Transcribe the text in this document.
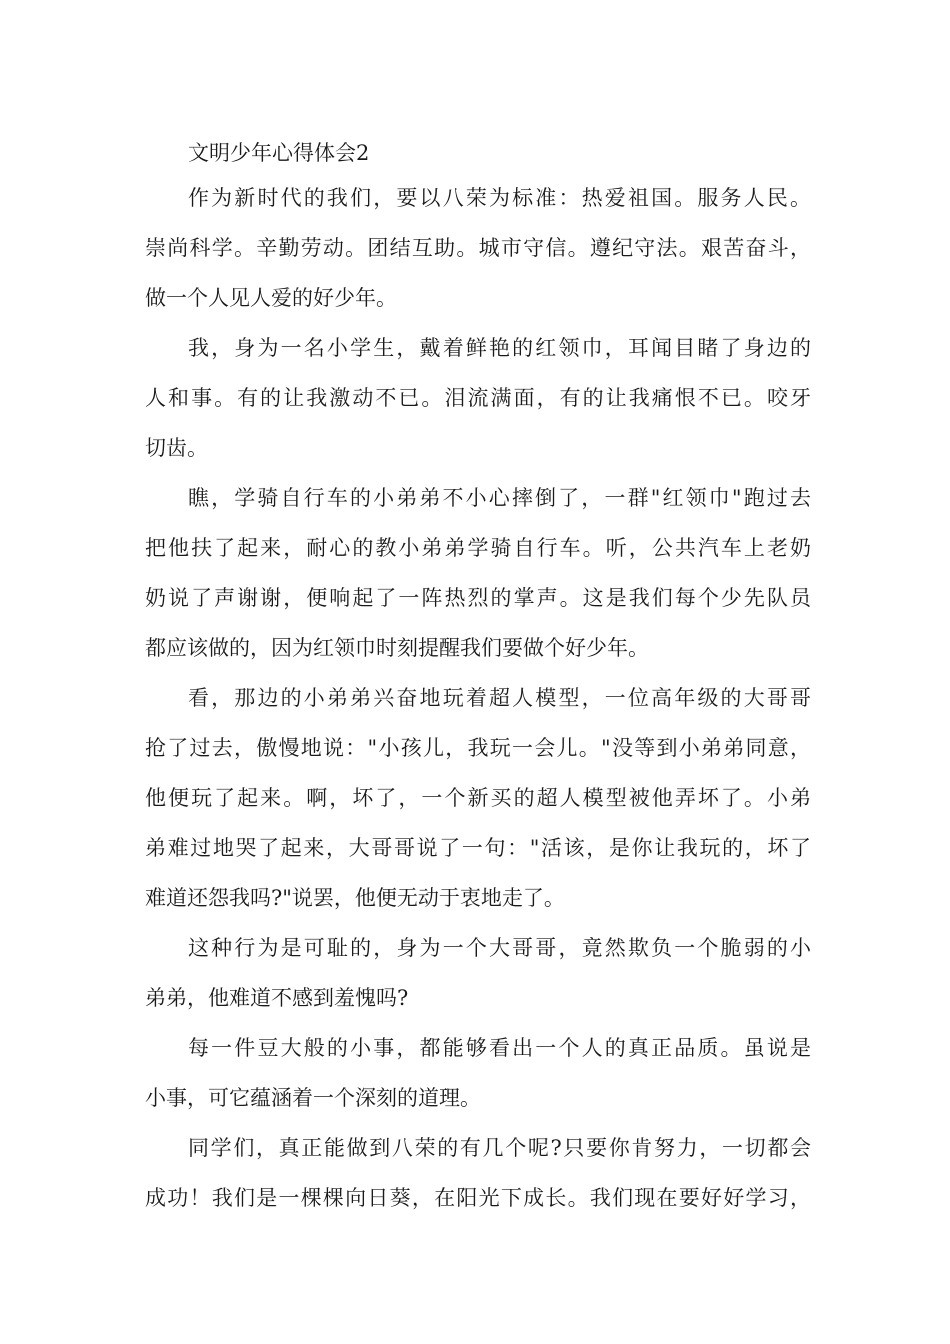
文明少年心得体会2
作为新时代的我们，要以八荣为标准：热爱祖国。服务人民。
崇尚科学。辛勤劳动。团结互助。城市守信。遵纪守法。艰苦奋斗，
做一个人见人爱的好少年。
我，身为一名小学生，戴着鲜艳的红领巾，耳闻目睹了身边的
人和事。有的让我激动不已。泪流满面，有的让我痛恨不已。咬牙
切齿。
瞧，学骑自行车的小弟弟不小心摔倒了，一群"红领巾"跑过去
把他扶了起来，耐心的教小弟弟学骑自行车。听，公共汽车上老奶
奶说了声谢谢，便响起了一阵热烈的掌声。这是我们每个少先队员
都应该做的，因为红领巾时刻提醒我们要做个好少年。
看，那边的小弟弟兴奋地玩着超人模型，一位高年级的大哥哥
抢了过去，傲慢地说："小孩儿，我玩一会儿。"没等到小弟弟同意，
他便玩了起来。啊，坏了，一个新买的超人模型被他弄坏了。小弟
弟难过地哭了起来，大哥哥说了一句："活该，是你让我玩的，坏了
难道还怨我吗?"说罢，他便无动于衷地走了。
这种行为是可耻的，身为一个大哥哥，竟然欺负一个脆弱的小
弟弟，他难道不感到羞愧吗?
每一件豆大般的小事，都能够看出一个人的真正品质。虽说是
小事，可它蕴涵着一个深刻的道理。
同学们，真正能做到八荣的有几个呢?只要你肯努力，一切都会
成功！我们是一棵棵向日葵，在阳光下成长。我们现在要好好学习，
